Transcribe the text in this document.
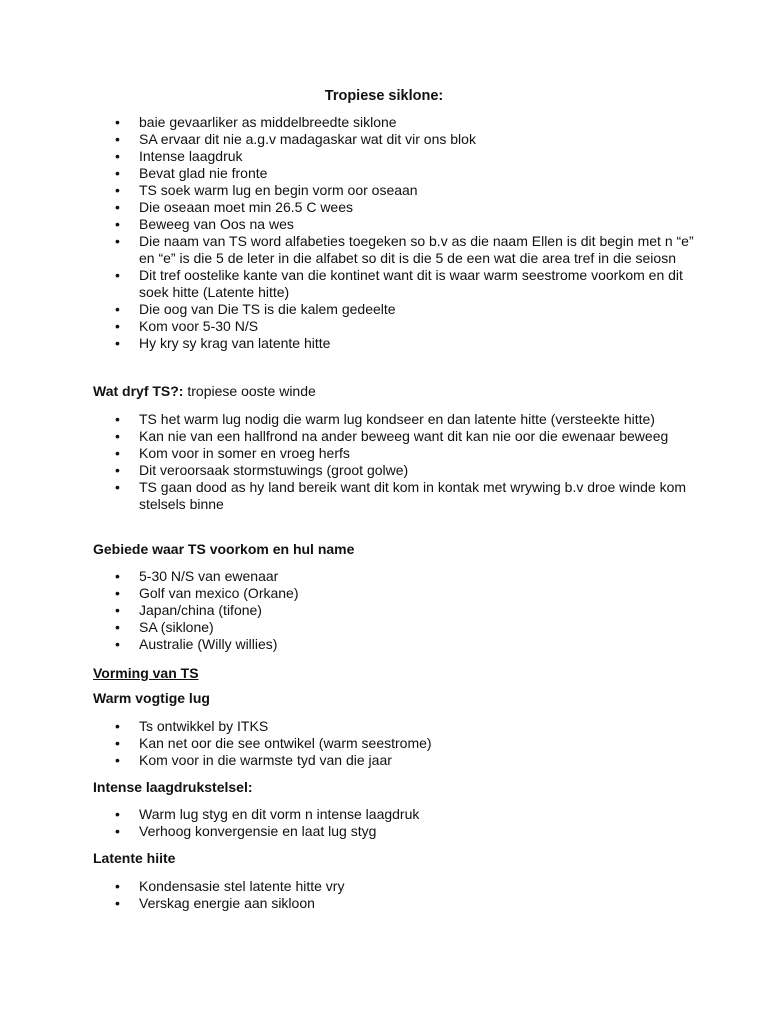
Tropiese siklone:
• baie gevaarliker as middelbreedte siklone
• SA ervaar dit nie a.g.v madagaskar wat dit vir ons blok
• Intense laagdruk
• Bevat glad nie fronte
• TS soek warm lug en begin vorm oor oseaan
• Die oseaan moet min 26.5 C wees
• Beweeg van Oos na wes
• Die naam van TS word alfabeties toegeken so b.v as die naam Ellen is dit begin met n “e” en “e” is die 5 de leter in die alfabet so dit is die 5 de een wat die area tref in die seiosn
• Dit tref oostelike kante van die kontinet want dit is waar warm seestrome voorkom en dit soek hitte (Latente hitte)
• Die oog van Die TS is die kalem gedeelte
• Kom voor 5-30 N/S
• Hy kry sy krag van latente hitte

Wat dryf TS?: tropiese ooste winde

• TS het warm lug nodig die warm lug kondseer en dan latente hitte (versteekte hitte)
• Kan nie van een hallfrond na ander beweeg want dit kan nie oor die ewenaar beweeg
• Kom voor in somer en vroeg herfs
• Dit veroorsaak stormstuwings (groot golwe)
• TS gaan dood as hy land bereik want dit kom in kontak met wrywing b.v droe winde kom stelsels binne

Gebiede waar TS voorkom en hul name

• 5-30 N/S van ewenaar
• Golf van mexico (Orkane)
• Japan/china (tifone)
• SA (siklone)
• Australie (Willy willies)

Vorming van TS

Warm vogtige lug

• Ts ontwikkel by ITKS
• Kan net oor die see ontwikel (warm seestrome)
• Kom voor in die warmste tyd van die jaar

Intense laagdrukstelsel:

• Warm lug styg en dit vorm n intense laagdruk
• Verhoog konvergensie en laat lug styg

Latente hiite

• Kondensasie stel latente hitte vry
• Verskag energie aan sikloon
